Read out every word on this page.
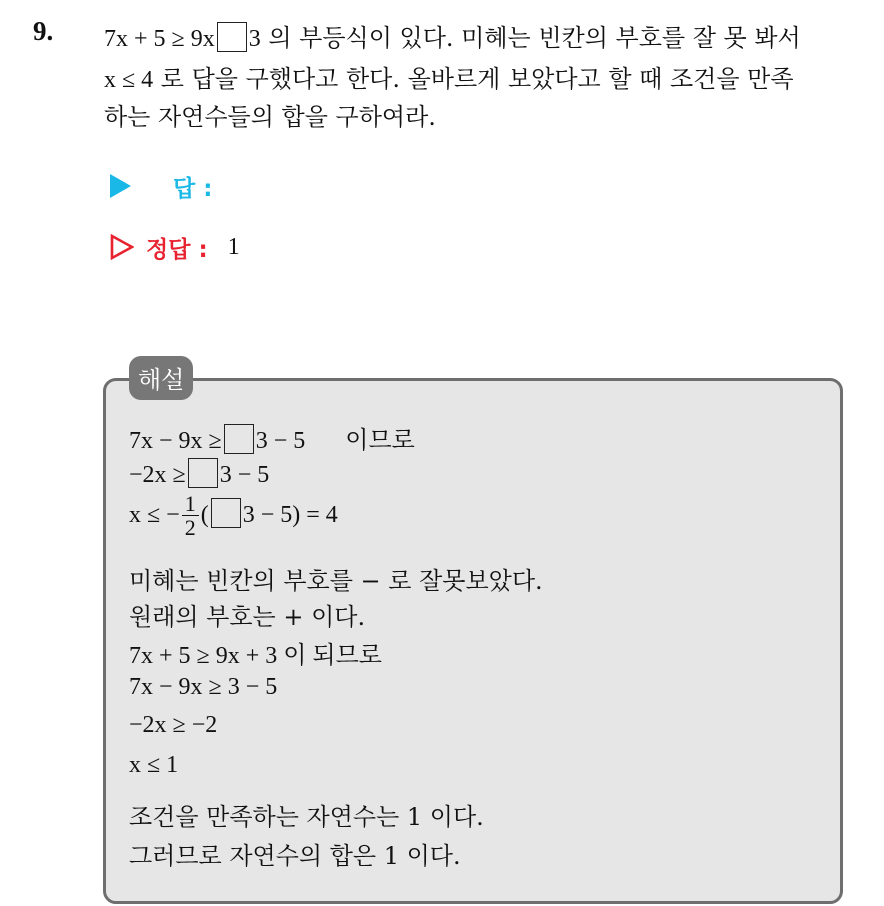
9. 7x + 5 ≥ 9x 3 의 부등식이 있다. 미혜는 빈칸의 부호를 잘 못 봐서
x ≤ 4 로 답을 구했다고 한다. 올바르게 보았다고 할 때 조건을 만족
하는 자연수들의 합을 구하여라.
답 :
정답 : 1
해설
7x − 9x ≥ 3 − 5 이므로
−2x ≥ 3 − 5
x ≤ − $\frac{1}{2}$ ( 3 − 5) = 4
미혜는 빈칸의 부호를 − 로 잘못보았다.
원래의 부호는 + 이다.
7x + 5 ≥ 9x + 3 이 되므로
7x − 9x ≥ 3 − 5
−2x ≥ −2
x ≤ 1
조건을 만족하는 자연수는 1 이다.
그러므로 자연수의 합은 1 이다.
